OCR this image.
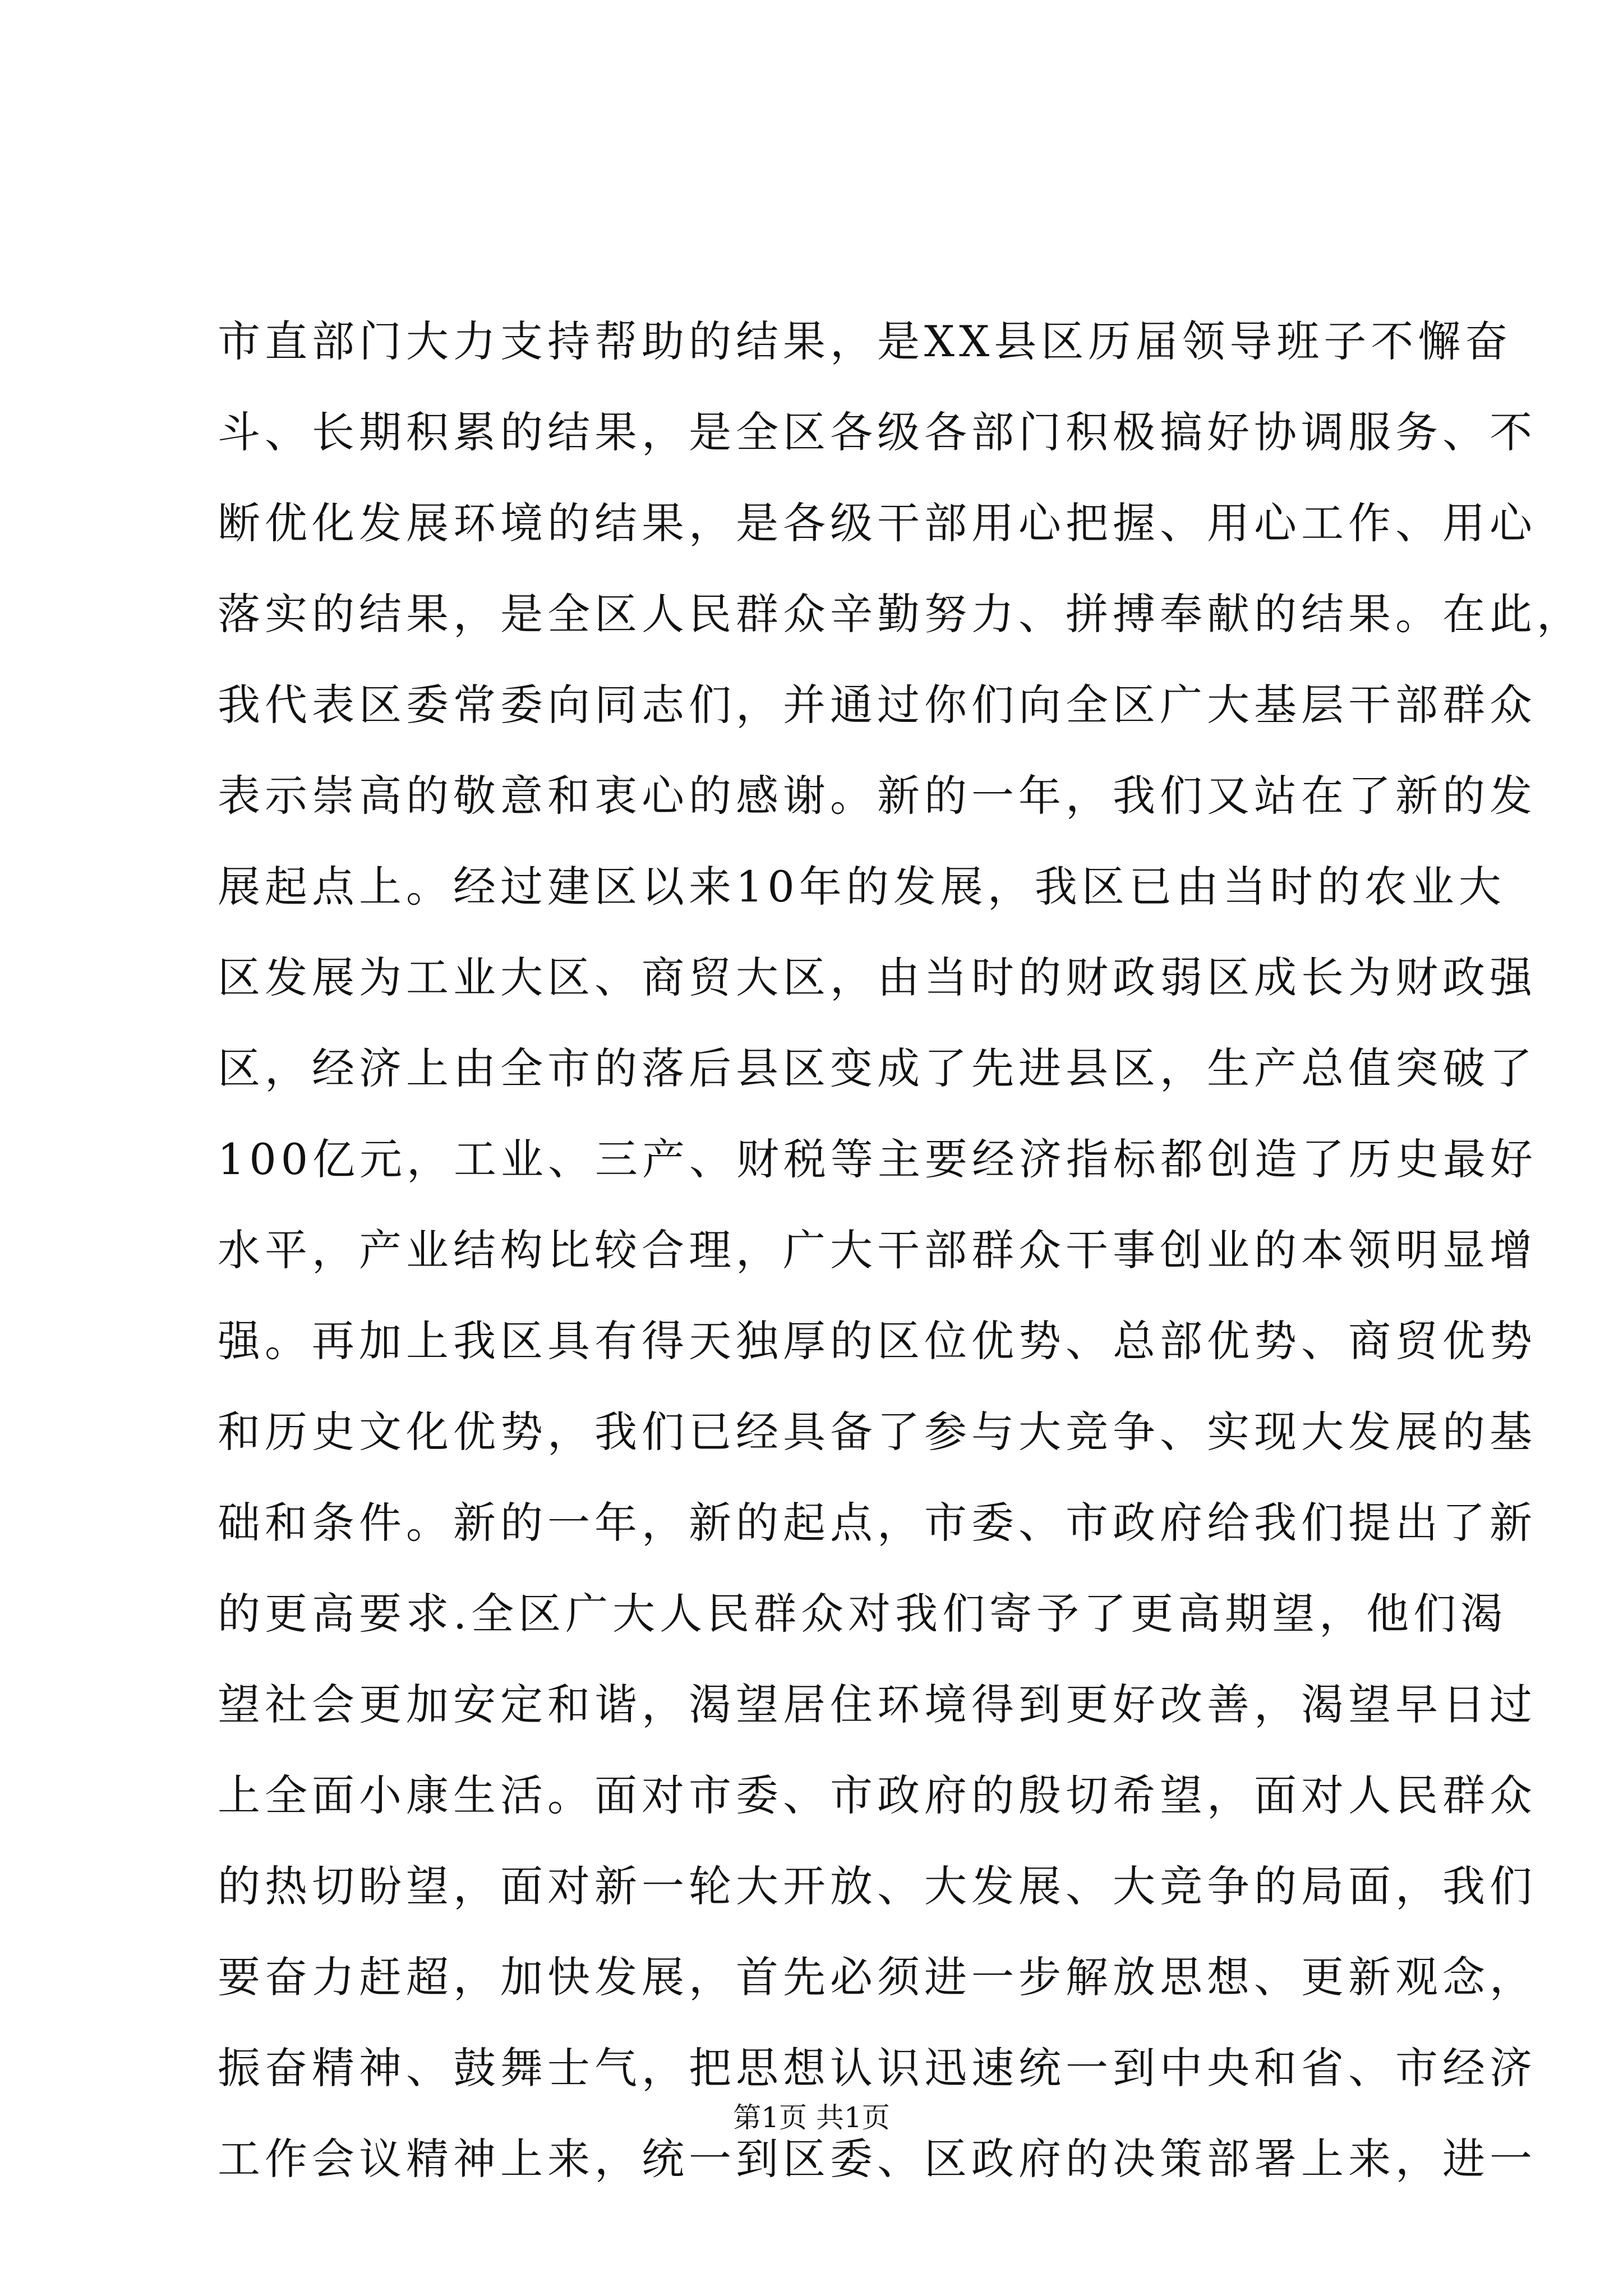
市直部门大力支持帮助的结果，是XX县区历届领导班子不懈奋
斗、长期积累的结果，是全区各级各部门积极搞好协调服务、不
断优化发展环境的结果，是各级干部用心把握、用心工作、用心
落实的结果，是全区人民群众辛勤努力、拼搏奉献的结果。在此，
我代表区委常委向同志们，并通过你们向全区广大基层干部群众
表示崇高的敬意和衷心的感谢。新的一年，我们又站在了新的发
展起点上。经过建区以来10年的发展，我区已由当时的农业大
区发展为工业大区、商贸大区，由当时的财政弱区成长为财政强
区，经济上由全市的落后县区变成了先进县区，生产总值突破了
100亿元，工业、三产、财税等主要经济指标都创造了历史最好
水平，产业结构比较合理，广大干部群众干事创业的本领明显增
强。再加上我区具有得天独厚的区位优势、总部优势、商贸优势
和历史文化优势，我们已经具备了参与大竞争、实现大发展的基
础和条件。新的一年，新的起点，市委、市政府给我们提出了新
的更高要求.全区广大人民群众对我们寄予了更高期望，他们渴
望社会更加安定和谐，渴望居住环境得到更好改善，渴望早日过
上全面小康生活。面对市委、市政府的殷切希望，面对人民群众
的热切盼望，面对新一轮大开放、大发展、大竞争的局面，我们
要奋力赶超，加快发展，首先必须进一步解放思想、更新观念，
振奋精神、鼓舞士气，把思想认识迅速统一到中央和省、市经济
工作会议精神上来，统一到区委、区政府的决策部署上来，进一
第1页 共1页
